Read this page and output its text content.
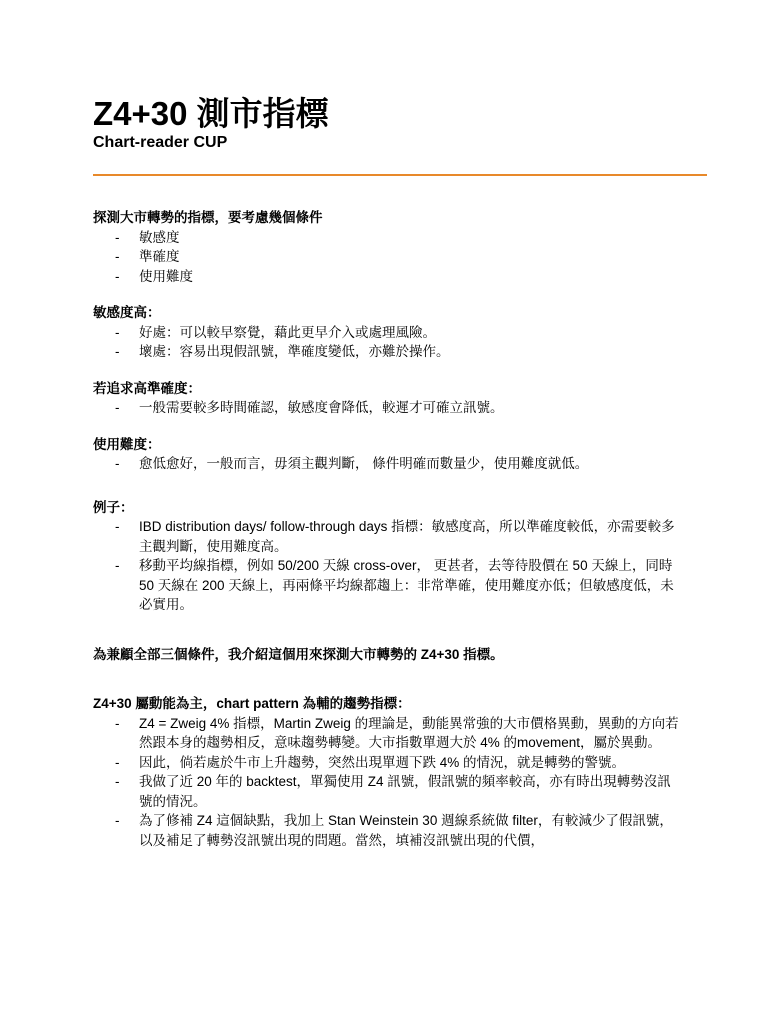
Z4+30 測市指標
Chart-reader CUP

探測大市轉勢的指標，要考慮幾個條件

- 敏感度
- 準確度
- 使用難度

敏感度高：

- 好處：可以較早察覺，藉此更早介入或處理風險。
- 壞處：容易出現假訊號，準確度變低，亦難於操作。

若追求高準確度：

- 一般需要較多時間確認，敏感度會降低，較遲才可確立訊號。

使用難度：

- 愈低愈好，一般而言，毋須主觀判斷， 條件明確而數量少，使用難度就低。

例子：

- IBD distribution days/ follow-through days 指標：敏感度高，所以準確度較低，亦需要較多主觀判斷，使用難度高。
- 移動平均線指標，例如 50/200 天線 cross-over， 更甚者，去等待股價在 50 天線上，同時 50 天線在 200 天線上，再兩條平均線都趨上：非常準確，使用難度亦低；但敏感度低，未必實用。

為兼顧全部三個條件，我介紹這個用來探測大市轉勢的 Z4+30 指標。

Z4+30 屬動能為主，chart pattern 為輔的趨勢指標：

- Z4 = Zweig 4% 指標，Martin Zweig 的理論是，動能異常強的大市價格異動，異動的方向若然跟本身的趨勢相反，意味趨勢轉變。大市指數單週大於 4% 的movement，屬於異動。
- 因此，倘若處於牛市上升趨勢，突然出現單週下跌 4% 的情況，就是轉勢的警號。
- 我做了近 20 年的 backtest，單獨使用 Z4 訊號，假訊號的頻率較高，亦有時出現轉勢沒訊號的情況。
- 為了修補 Z4 這個缺點，我加上 Stan Weinstein 30 週線系統做 filter，有較減少了假訊號，以及補足了轉勢沒訊號出現的問題。當然，填補沒訊號出現的代價，
